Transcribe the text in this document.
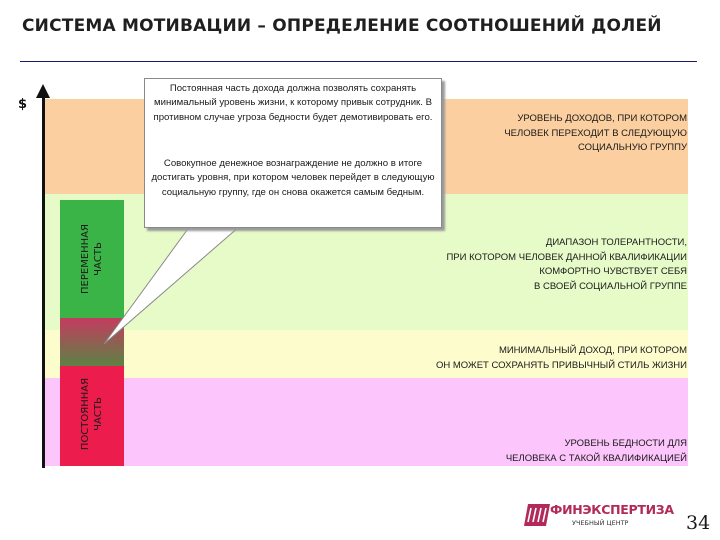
СИСТЕМА МОТИВАЦИИ – ОПРЕДЕЛЕНИЕ СООТНОШЕНИЙ ДОЛЕЙ
УРОВЕНЬ ДОХОДОВ, ПРИ КОТОРОМ
ЧЕЛОВЕК ПЕРЕХОДИТ В СЛЕДУЮЩУЮ
СОЦИАЛЬНУЮ ГРУППУ
ДИАПАЗОН ТОЛЕРАНТНОСТИ,
ПРИ КОТОРОМ ЧЕЛОВЕК ДАННОЙ КВАЛИФИКАЦИИ
КОМФОРТНО ЧУВСТВУЕТ СЕБЯ
В СВОЕЙ СОЦИАЛЬНОЙ ГРУППЕ
МИНИМАЛЬНЫЙ ДОХОД, ПРИ КОТОРОМ
ОН МОЖЕТ СОХРАНЯТЬ ПРИВЫЧНЫЙ СТИЛЬ ЖИЗНИ
УРОВЕНЬ БЕДНОСТИ ДЛЯ
ЧЕЛОВЕКА С ТАКОЙ КВАЛИФИКАЦИЕЙ
$
ПЕРЕМЕННАЯ ЧАСТЬ
ПОСТОЯННАЯ ЧАСТЬ
Постоянная часть дохода должна позволять сохранять минимальный уровень жизни, к которому привык сотрудник. В противном случае угроза бедности будет демотивировать его.
Совокупное денежное вознаграждение не должно в итоге достигать уровня, при котором человек перейдет в следующую социальную группу, где он снова окажется самым бедным.
ФИНЭКСПЕРТИЗА
УЧЕБНЫЙ ЦЕНТР	34
